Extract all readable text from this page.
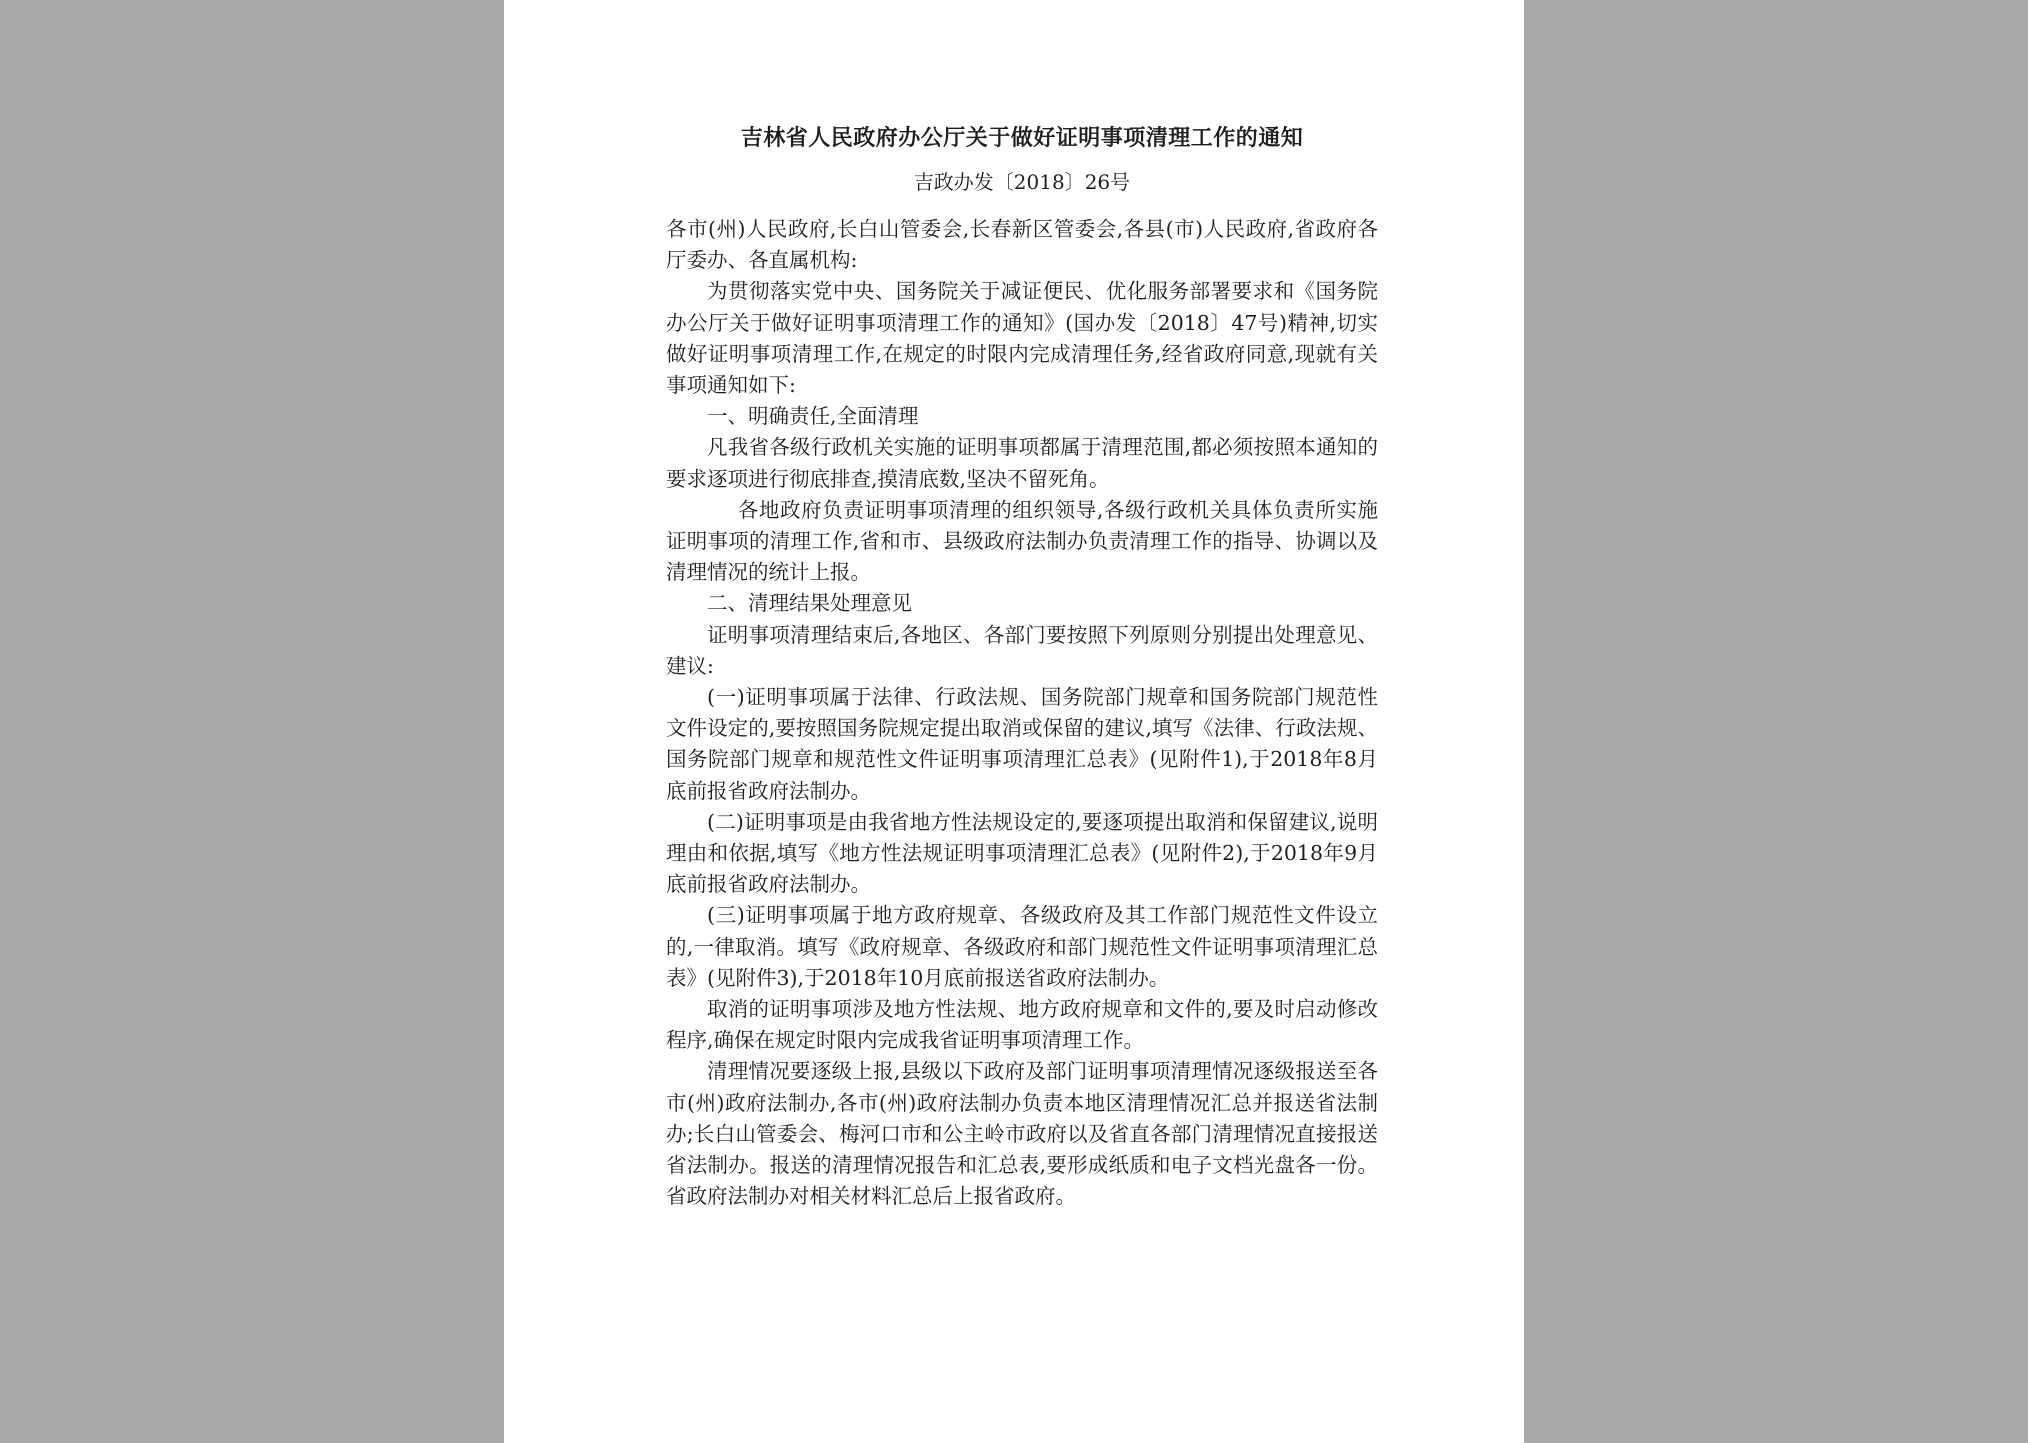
吉林省人民政府办公厅关于做好证明事项清理工作的通知
吉政办发〔2018〕26号

各市(州)人民政府,长白山管委会,长春新区管委会,各县(市)人民政府,省政府各厅委办、各直属机构:

为贯彻落实党中央、国务院关于减证便民、优化服务部署要求和《国务院办公厅关于做好证明事项清理工作的通知》(国办发〔2018〕47号)精神,切实做好证明事项清理工作,在规定的时限内完成清理任务,经省政府同意,现就有关事项通知如下:

一、明确责任,全面清理

凡我省各级行政机关实施的证明事项都属于清理范围,都必须按照本通知的要求逐项进行彻底排查,摸清底数,坚决不留死角。

各地政府负责证明事项清理的组织领导,各级行政机关具体负责所实施证明事项的清理工作,省和市、县级政府法制办负责清理工作的指导、协调以及清理情况的统计上报。

二、清理结果处理意见

证明事项清理结束后,各地区、各部门要按照下列原则分别提出处理意见、建议:

(一)证明事项属于法律、行政法规、国务院部门规章和国务院部门规范性文件设定的,要按照国务院规定提出取消或保留的建议,填写《法律、行政法规、国务院部门规章和规范性文件证明事项清理汇总表》(见附件1),于2018年8月底前报省政府法制办。

(二)证明事项是由我省地方性法规设定的,要逐项提出取消和保留建议,说明理由和依据,填写《地方性法规证明事项清理汇总表》(见附件2),于2018年9月底前报省政府法制办。

(三)证明事项属于地方政府规章、各级政府及其工作部门规范性文件设立的,一律取消。填写《政府规章、各级政府和部门规范性文件证明事项清理汇总表》(见附件3),于2018年10月底前报送省政府法制办。

取消的证明事项涉及地方性法规、地方政府规章和文件的,要及时启动修改程序,确保在规定时限内完成我省证明事项清理工作。

清理情况要逐级上报,县级以下政府及部门证明事项清理情况逐级报送至各市(州)政府法制办,各市(州)政府法制办负责本地区清理情况汇总并报送省法制办;长白山管委会、梅河口市和公主岭市政府以及省直各部门清理情况直接报送省法制办。报送的清理情况报告和汇总表,要形成纸质和电子文档光盘各一份。省政府法制办对相关材料汇总后上报省政府。
